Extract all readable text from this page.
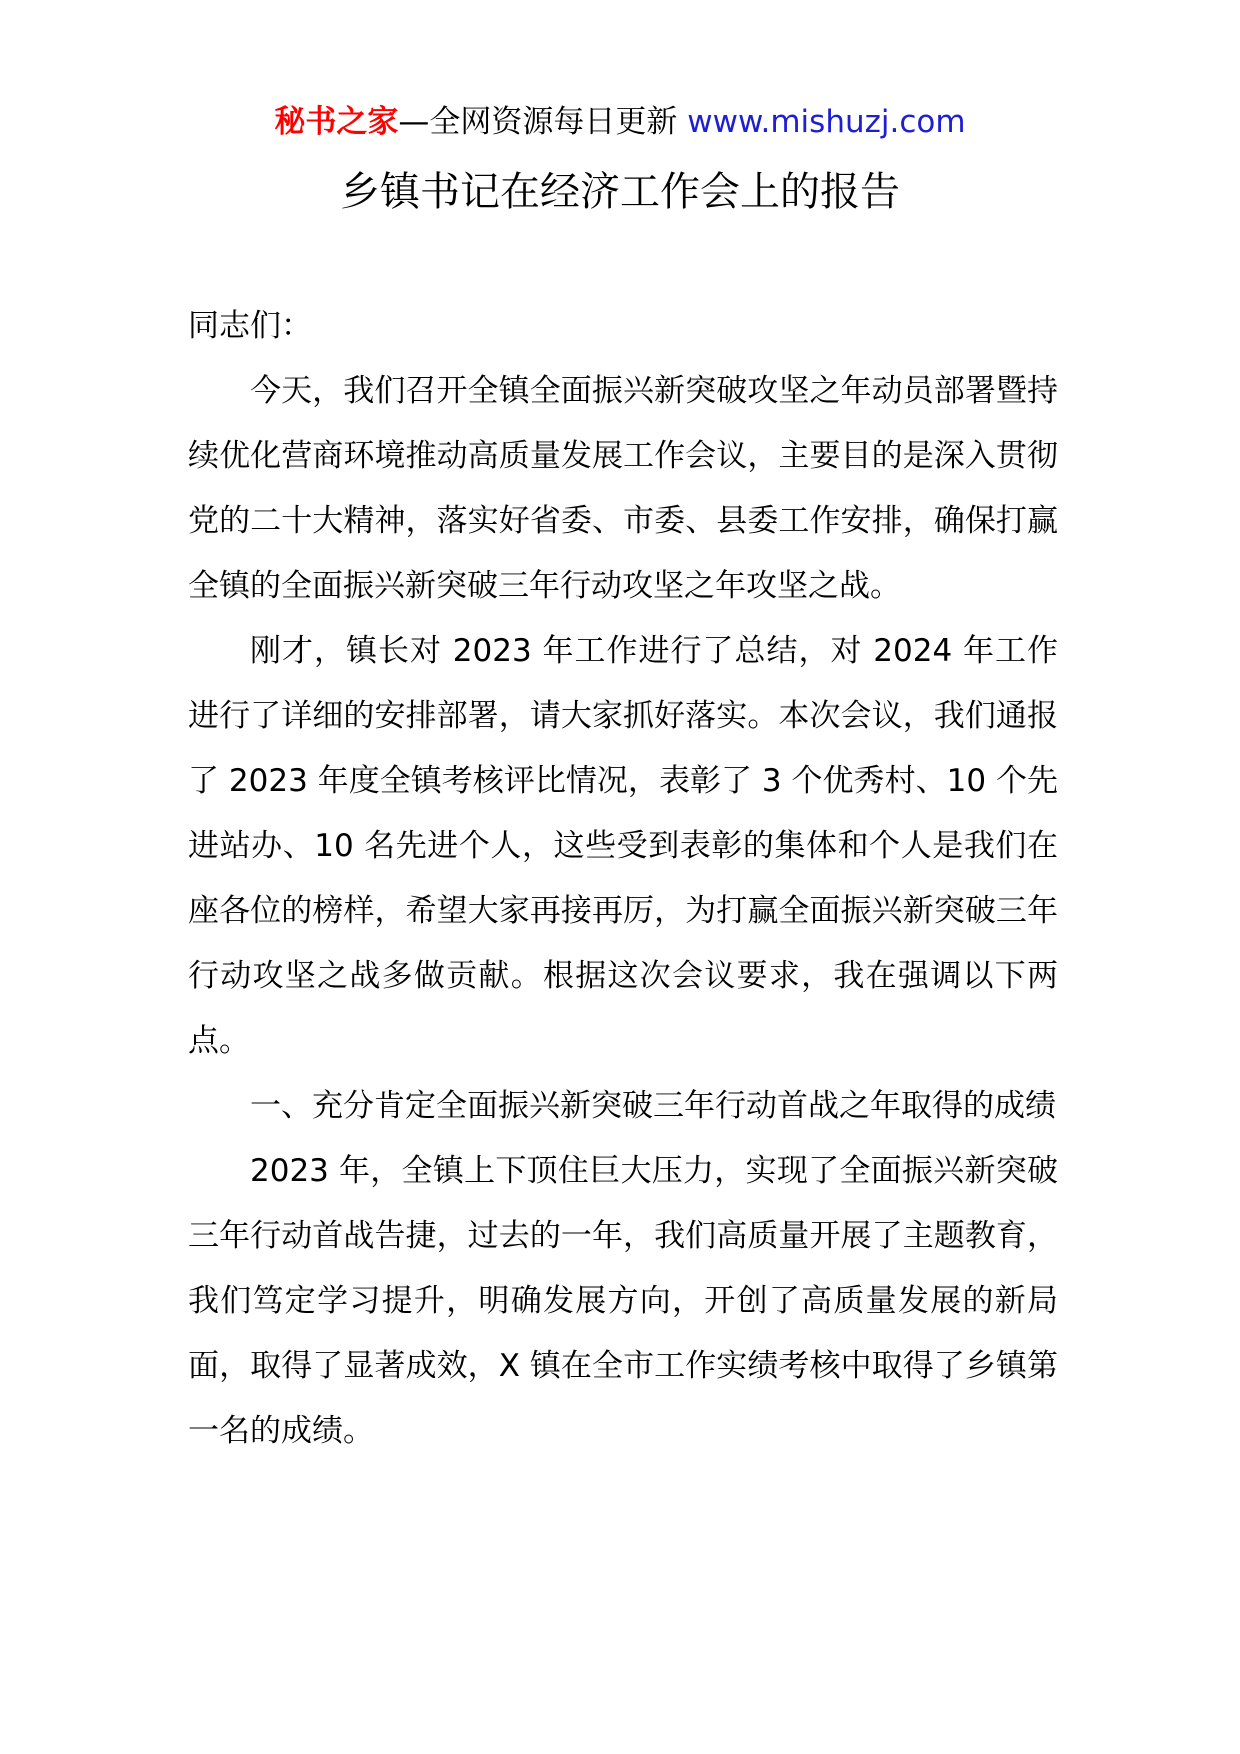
秘书之家—全网资源每日更新 www.mishuzj.com
乡镇书记在经济工作会上的报告

同志们：

今天，我们召开全镇全面振兴新突破攻坚之年动员部署暨持续优化营商环境推动高质量发展工作会议，主要目的是深入贯彻党的二十大精神，落实好省委、市委、县委工作安排，确保打赢全镇的全面振兴新突破三年行动攻坚之年攻坚之战。

刚才，镇长对 2023 年工作进行了总结，对 2024 年工作进行了详细的安排部署，请大家抓好落实。本次会议，我们通报了 2023 年度全镇考核评比情况，表彰了 3 个优秀村、10 个先进站办、10 名先进个人，这些受到表彰的集体和个人是我们在座各位的榜样，希望大家再接再厉，为打赢全面振兴新突破三年行动攻坚之战多做贡献。根据这次会议要求，我在强调以下两点。

一、充分肯定全面振兴新突破三年行动首战之年取得的成绩

2023 年，全镇上下顶住巨大压力，实现了全面振兴新突破三年行动首战告捷，过去的一年，我们高质量开展了主题教育，我们笃定学习提升，明确发展方向，开创了高质量发展的新局面，取得了显著成效，X 镇在全市工作实绩考核中取得了乡镇第一名的成绩。
